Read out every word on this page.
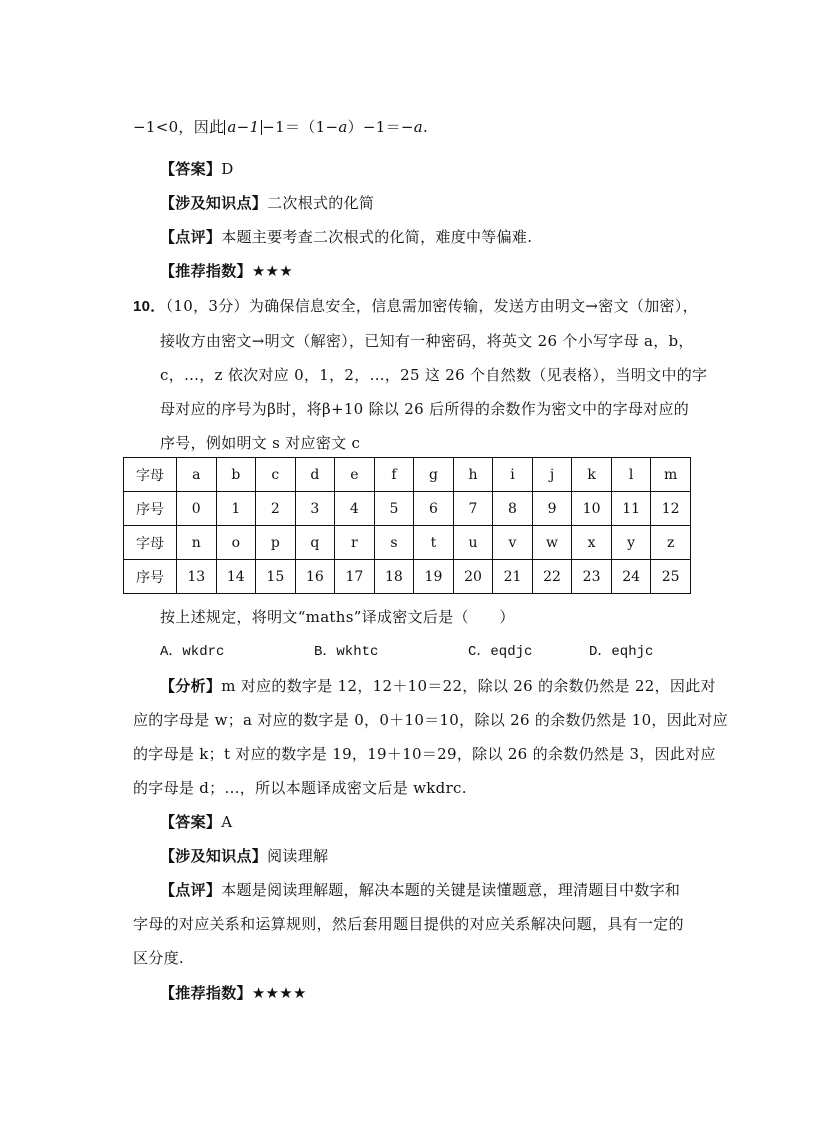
−1<0，因此 a−1 −1＝（1−a）−1＝−a.
【答案】D
【涉及知识点】二次根式的化简
【点评】本题主要考查二次根式的化简，难度中等偏难.
【推荐指数】★★★
10．（10，3分）为确保信息安全，信息需加密传输，发送方由明文→密文（加密），
接收方由密文→明文（解密），已知有一种密码，将英文 26 个小写字母 a，b，
c，…，z 依次对应 0，1，2，…，25 这 26 个自然数（见表格），当明文中的字
母对应的序号为β时，将β+10 除以 26 后所得的余数作为密文中的字母对应的
序号，例如明文 s 对应密文 c
字母	a	b	c	d	e	f	g	h	i	j	k	l	m
序号	0	1	2	3	4	5	6	7	8	9	10	11	12
字母	n	o	p	q	r	s	t	u	v	w	x	y	z
序号	13	14	15	16	17	18	19	20	21	22	23	24	25
按上述规定，将明文“maths”译成密文后是（　　）
A．wkdrc	B．wkhtc	C．eqdjc	D．eqhjc
【分析】m 对应的数字是 12，12＋10＝22，除以 26 的余数仍然是 22，因此对
应的字母是 w；a 对应的数字是 0，0＋10＝10，除以 26 的余数仍然是 10，因此对应
的字母是 k；t 对应的数字是 19，19＋10＝29，除以 26 的余数仍然是 3，因此对应
的字母是 d；…，所以本题译成密文后是 wkdrc.
【答案】A
【涉及知识点】阅读理解
【点评】本题是阅读理解题，解决本题的关键是读懂题意，理清题目中数字和
字母的对应关系和运算规则，然后套用题目提供的对应关系解决问题，具有一定的
区分度.
【推荐指数】★★★★
